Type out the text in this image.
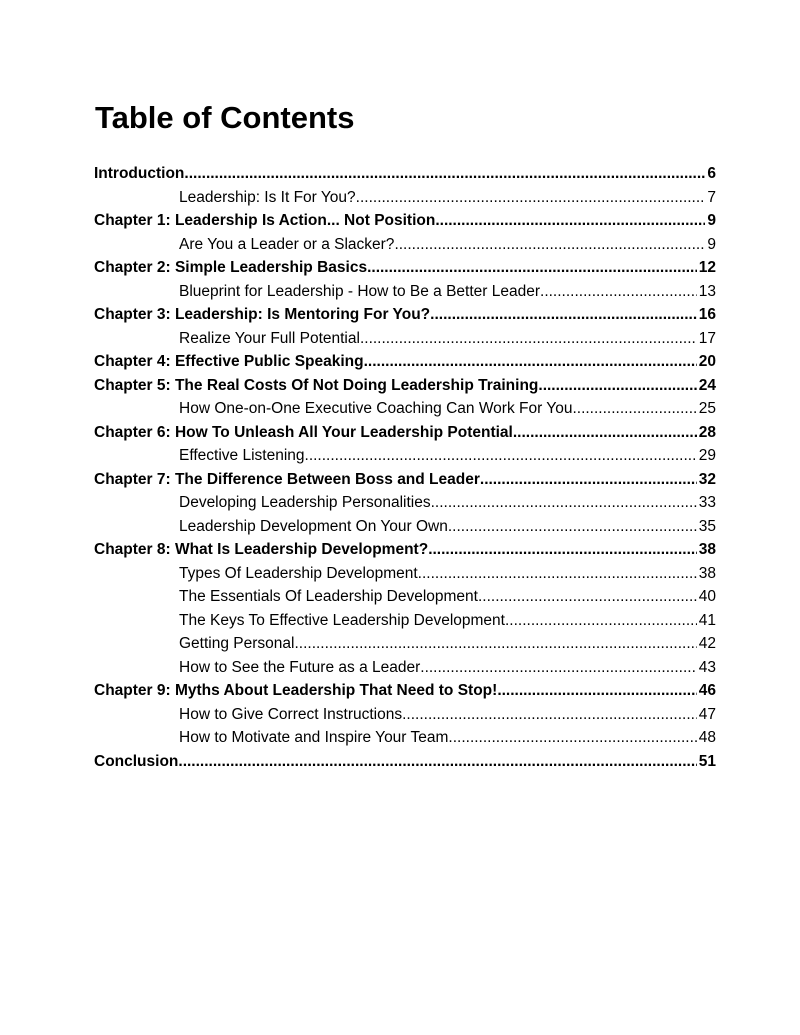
Table of Contents
Introduction .....	6
Leadership: Is It For You? .....	7
Chapter 1: Leadership Is Action... Not Position .....	9
Are You a Leader or a Slacker? .....	9
Chapter 2: Simple Leadership Basics .....	12
Blueprint for Leadership - How to Be a Better Leader .....	13
Chapter 3: Leadership: Is Mentoring For You? .....	16
Realize Your Full Potential .....	17
Chapter 4: Effective Public Speaking .....	20
Chapter 5: The Real Costs Of Not Doing Leadership Training .....	24
How One-on-One Executive Coaching Can Work For You .....	25
Chapter 6: How To Unleash All Your Leadership Potential .....	28
Effective Listening .....	29
Chapter 7: The Difference Between Boss and Leader .....	32
Developing Leadership Personalities .....	33
Leadership Development On Your Own .....	35
Chapter 8: What Is Leadership Development? .....	38
Types Of Leadership Development .....	38
The Essentials Of Leadership Development .....	40
The Keys To Effective Leadership Development .....	41
Getting Personal .....	42
How to See the Future as a Leader .....	43
Chapter 9: Myths About Leadership That Need to Stop! .....	46
How to Give Correct Instructions .....	47
How to Motivate and Inspire Your Team .....	48
Conclusion .....	51
